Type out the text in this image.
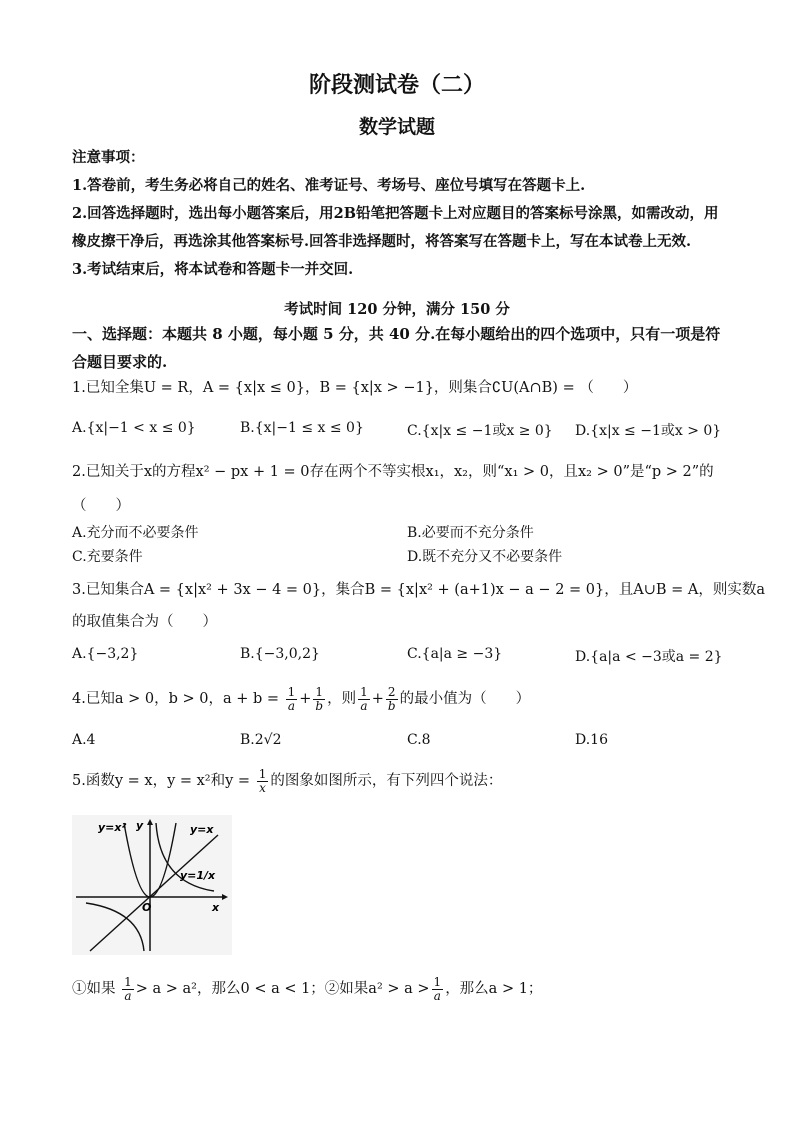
阶段测试卷（二）
数学试题
注意事项：
1.答卷前，考生务必将自己的姓名、准考证号、考场号、座位号填写在答题卡上.
2.回答选择题时，选出每小题答案后，用2B铅笔把答题卡上对应题目的答案标号涂黑，如需改动，用橡皮擦干净后，再选涂其他答案标号.回答非选择题时，将答案写在答题卡上，写在本试卷上无效.
3.考试结束后，将本试卷和答题卡一并交回.
考试时间 120 分钟，满分 150 分
一、选择题：本题共 8 小题，每小题 5 分，共 40 分.在每小题给出的四个选项中，只有一项是符合题目要求的.
1.已知全集U = R，A = {x|x ≤ 0}，B = {x|x > −1}，则集合∁U(A∩B) = （　　）
A.{x|−1 < x ≤ 0}	B.{x|−1 ≤ x ≤ 0}	C.{x|x ≤ −1或x ≥ 0} D.{x|x ≤ −1或x > 0}
2.已知关于x的方程x² − px + 1 = 0存在两个不等实根x₁，x₂，则“x₁ > 0，且x₂ > 0”是“p > 2”的
（　　）
A.充分而不必要条件	B.必要而不充分条件
C.充要条件	D.既不充分又不必要条件
3.已知集合A = {x|x² + 3x − 4 = 0}，集合B = {x|x² + (a+1)x − a − 2 = 0}，且A∪B = A，则实数a
的取值集合为（　　）
A.{−3,2}	B.{−3,0,2}	C.{a|a ≥ −3}	D.{a|a < −3或a = 2}
4.已知a > 0，b > 0，$a + b = \frac{1}{a} + \frac{1}{b}$ ，则 $\frac{1}{a} + \frac{2}{b}$ 的最小值为（　　）
A.4	B.2√2	C.8	D.16
5.函数y = x，y = x²和$y = \frac{1}{x}$ 的图象如图所示，有下列四个说法：
y=x² y	y=x
y=1/x
O	x
①如果 $\frac{1}{a} > a > a^2$，那么0 < a < 1；②如果$a^2 > a > \frac{1}{a}$ ，那么a > 1；
